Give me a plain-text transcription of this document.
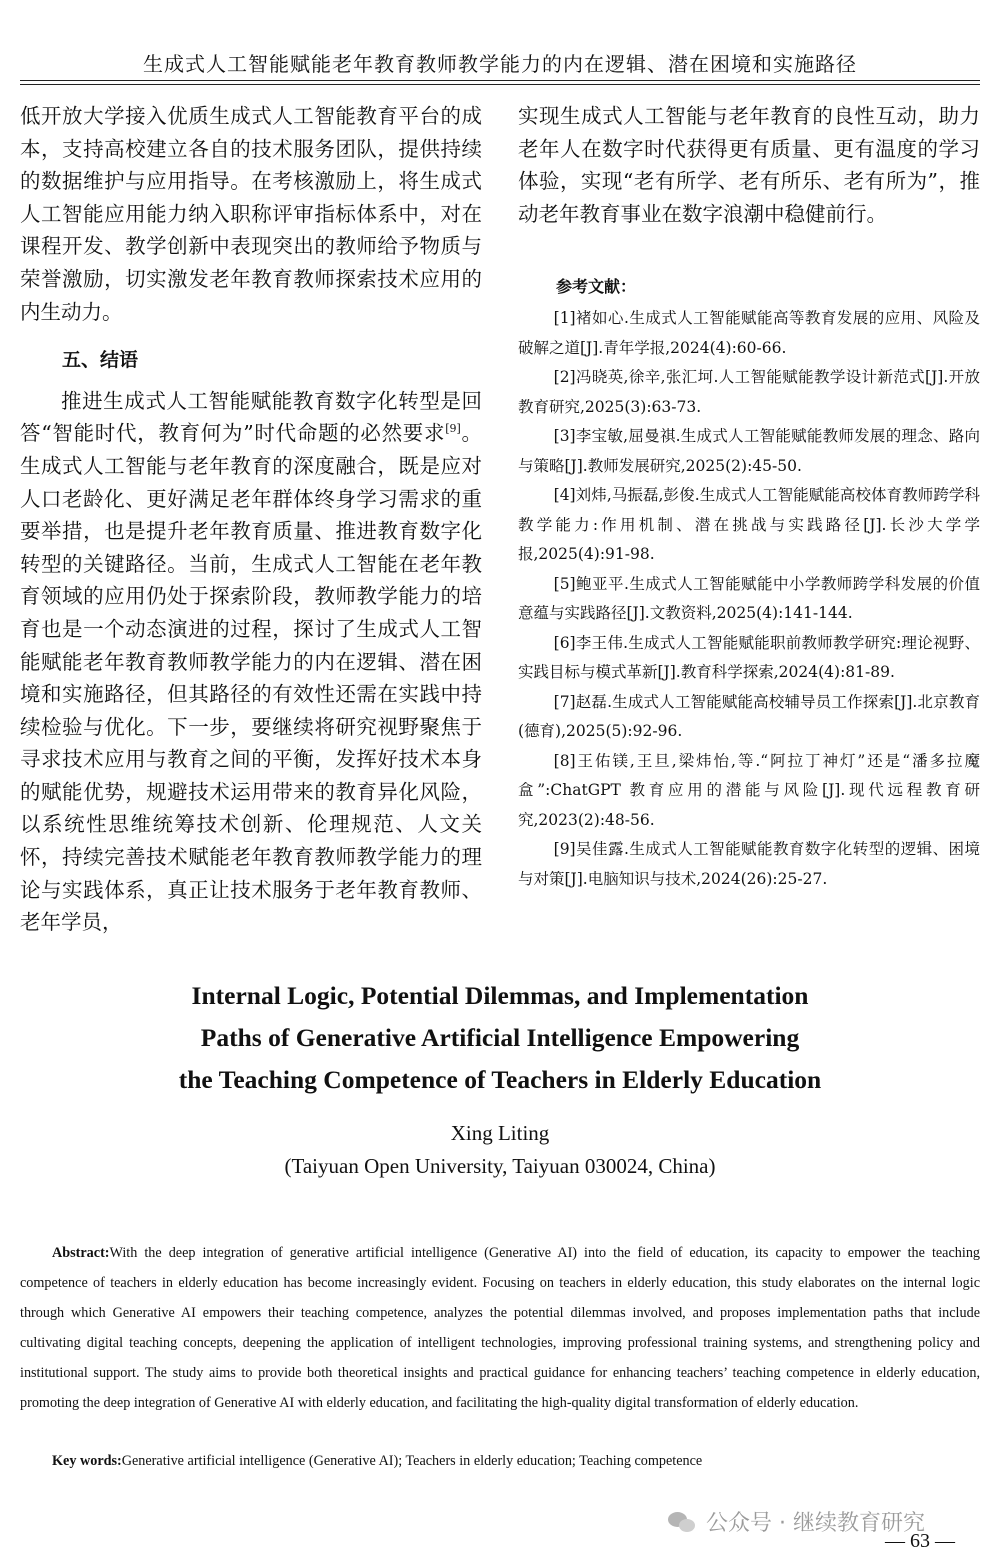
生成式人工智能赋能老年教育教师教学能力的内在逻辑、潜在困境和实施路径

低开放大学接入优质生成式人工智能教育平台的成本，支持高校建立各自的技术服务团队，提供持续的数据维护与应用指导。在考核激励上，将生成式人工智能应用能力纳入职称评审指标体系中，对在课程开发、教学创新中表现突出的教师给予物质与荣誉激励，切实激发老年教育教师探索技术应用的内生动力。

五、结语

推进生成式人工智能赋能教育数字化转型是回答“智能时代，教育何为”时代命题的必然要求[9]。生成式人工智能与老年教育的深度融合，既是应对人口老龄化、更好满足老年群体终身学习需求的重要举措，也是提升老年教育质量、推进教育数字化转型的关键路径。当前，生成式人工智能在老年教育领域的应用仍处于探索阶段，教师教学能力的培育也是一个动态演进的过程，探讨了生成式人工智能赋能老年教育教师教学能力的内在逻辑、潜在困境和实施路径，但其路径的有效性还需在实践中持续检验与优化。下一步，要继续将研究视野聚焦于寻求技术应用与教育之间的平衡，发挥好技术本身的赋能优势，规避技术运用带来的教育异化风险，以系统性思维统筹技术创新、伦理规范、人文关怀，持续完善技术赋能老年教育教师教学能力的理论与实践体系，真正让技术服务于老年教育教师、老年学员，

实现生成式人工智能与老年教育的良性互动，助力老年人在数字时代获得更有质量、更有温度的学习体验，实现“老有所学、老有所乐、老有所为”，推动老年教育事业在数字浪潮中稳健前行。

参考文献：

[1]褚如心.生成式人工智能赋能高等教育发展的应用、风险及破解之道[J].青年学报,2024(4):60-66.

[2]冯晓英,徐辛,张汇坷.人工智能赋能教学设计新范式[J].开放教育研究,2025(3):63-73.

[3]李宝敏,屈曼祺.生成式人工智能赋能教师发展的理念、路向与策略[J].教师发展研究,2025(2):45-50.

[4]刘炜,马振磊,彭俊.生成式人工智能赋能高校体育教师跨学科教学能力:作用机制、潜在挑战与实践路径[J].长沙大学学报,2025(4):91-98.

[5]鲍亚平.生成式人工智能赋能中小学教师跨学科发展的价值意蕴与实践路径[J].文教资料,2025(4):141-144.

[6]李王伟.生成式人工智能赋能职前教师教学研究:理论视野、实践目标与模式革新[J].教育科学探索,2024(4):81-89.

[7]赵磊.生成式人工智能赋能高校辅导员工作探索[J].北京教育(德育),2025(5):92-96.

[8]王佑镁,王旦,梁炜怡,等.“阿拉丁神灯”还是“潘多拉魔盒”:ChatGPT 教育应用的潜能与风险[J].现代远程教育研究,2023(2):48-56.

[9]吴佳露.生成式人工智能赋能教育数字化转型的逻辑、困境与对策[J].电脑知识与技术,2024(26):25-27.

Internal Logic, Potential Dilemmas, and Implementation

Paths of Generative Artificial Intelligence Empowering

the Teaching Competence of Teachers in Elderly Education

Xing Liting
(Taiyuan Open University, Taiyuan 030024, China)

Abstract:With the deep integration of generative artificial intelligence (Generative AI) into the field of education, its capacity to empower the teaching competence of teachers in elderly education has become increasingly evident. Focusing on teachers in elderly education, this study elaborates on the internal logic through which Generative AI empowers their teaching competence, analyzes the potential dilemmas involved, and proposes implementation paths that include cultivating digital teaching concepts, deepening the application of intelligent technologies, improving professional training systems, and strengthening policy and institutional support. The study aims to provide both theoretical insights and practical guidance for enhancing teachers’ teaching competence in elderly education, promoting the deep integration of Generative AI with elderly education, and facilitating the high-quality digital transformation of elderly education.

Key words:Generative artificial intelligence (Generative AI); Teachers in elderly education; Teaching competence
公众号 · 继续教育研究
— 63 —
